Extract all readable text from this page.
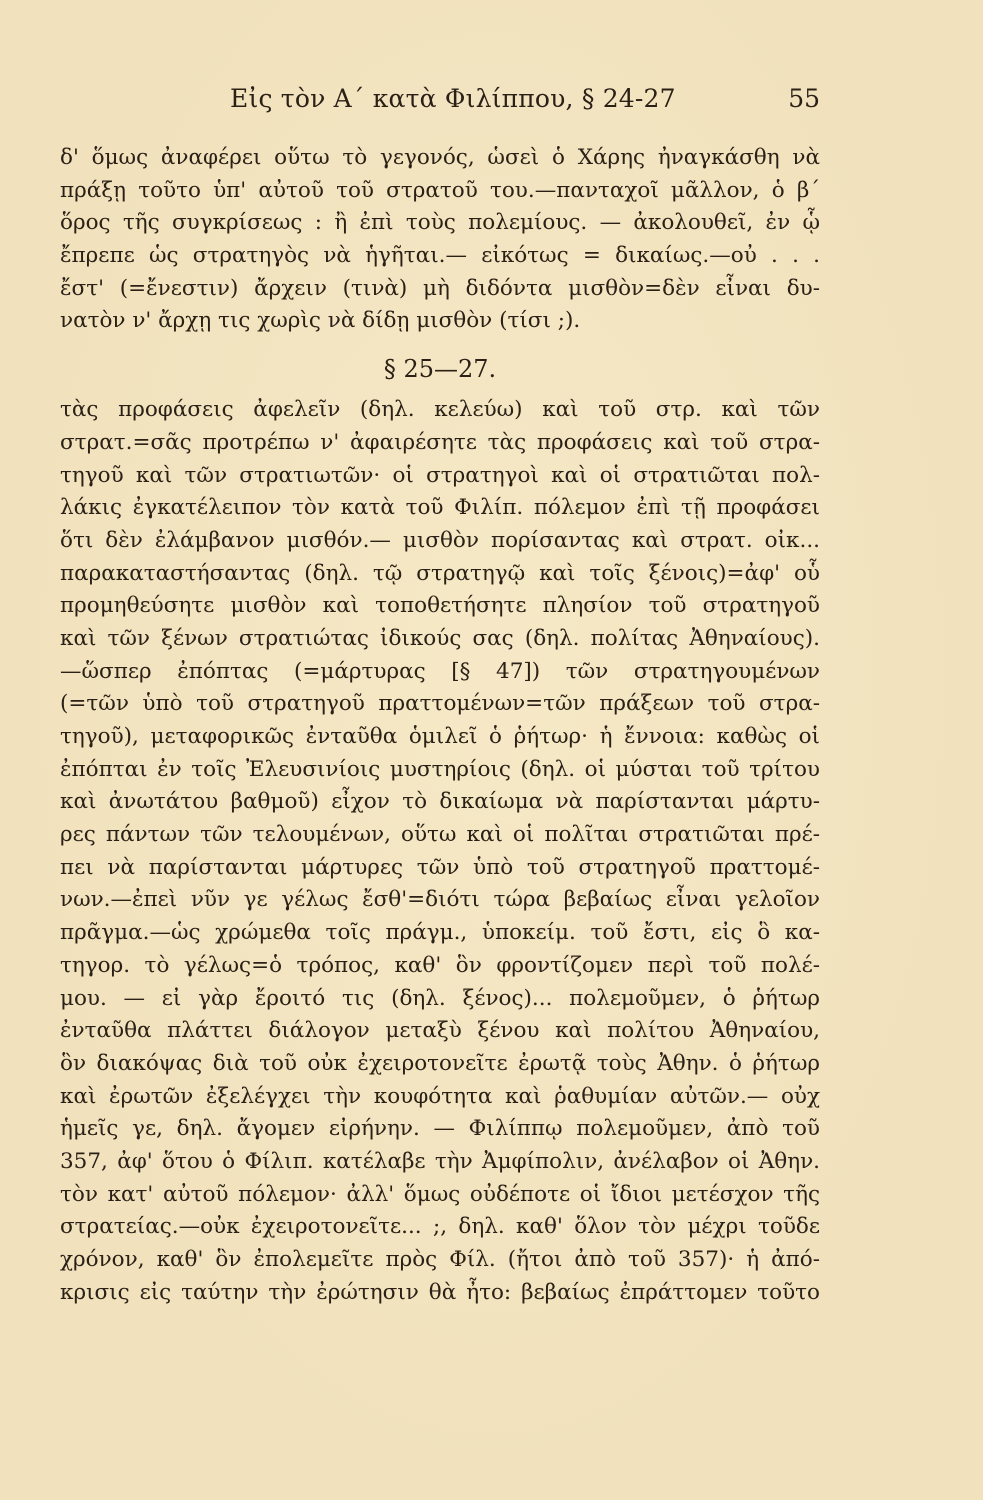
Εἰς τὸν Α΄ κατὰ Φιλίππου, § 24-27	55
δ' ὅμως ἀναφέρει οὕτω τὸ γεγονός, ὡσεὶ ὁ Χάρης ἠναγκάσθη νὰ
πράξῃ τοῦτο ὑπ' αὐτοῦ τοῦ στρατοῦ του.—πανταχοῖ μᾶλλον, ὁ β΄
ὅρος τῆς συγκρίσεως : ἢ ἐπὶ τοὺς πολεμίους. — ἀκολουθεῖ, ἐν ᾧ
ἔπρεπε ὡς στρατηγὸς νὰ ἡγῆται.— εἰκότως = δικαίως.—οὐ . . .
ἔστ' (=ἔνεστιν) ἄρχειν (τινὰ) μὴ διδόντα μισθὸν=δὲν εἶναι δυ-
νατὸν ν' ἄρχῃ τις χωρὶς νὰ δίδῃ μισθὸν (τίσι ;).
§ 25—27.
τὰς προφάσεις ἀφελεῖν (δηλ. κελεύω) καὶ τοῦ στρ. καὶ τῶν
στρατ.=σᾶς προτρέπω ν' ἀφαιρέσητε τὰς προφάσεις καὶ τοῦ στρα-
τηγοῦ καὶ τῶν στρατιωτῶν· οἱ στρατηγοὶ καὶ οἱ στρατιῶται πολ-
λάκις ἐγκατέλειπον τὸν κατὰ τοῦ Φιλίπ. πόλεμον ἐπὶ τῇ προφάσει
ὅτι δὲν ἐλάμβανον μισθόν.— μισθὸν πορίσαντας καὶ στρατ. οἰκ...
παρακαταστήσαντας (δηλ. τῷ στρατηγῷ καὶ τοῖς ξένοις)=ἀφ' οὗ
προμηθεύσητε μισθὸν καὶ τοποθετήσητε πλησίον τοῦ στρατηγοῦ
καὶ τῶν ξένων στρατιώτας ἰδικούς σας (δηλ. πολίτας Ἀθηναίους).
—ὥσπερ ἐπόπτας (=μάρτυρας [§ 47]) τῶν στρατηγουμένων
(=τῶν ὑπὸ τοῦ στρατηγοῦ πραττομένων=τῶν πράξεων τοῦ στρα-
τηγοῦ), μεταφορικῶς ἐνταῦθα ὁμιλεῖ ὁ ῥήτωρ· ἡ ἔννοια: καθὼς οἱ
ἐπόπται ἐν τοῖς Ἐλευσινίοις μυστηρίοις (δηλ. οἱ μύσται τοῦ τρίτου
καὶ ἀνωτάτου βαθμοῦ) εἶχον τὸ δικαίωμα νὰ παρίστανται μάρτυ-
ρες πάντων τῶν τελουμένων, οὕτω καὶ οἱ πολῖται στρατιῶται πρέ-
πει νὰ παρίστανται μάρτυρες τῶν ὑπὸ τοῦ στρατηγοῦ πραττομέ-
νων.—ἐπεὶ νῦν γε γέλως ἔσθ'=διότι τώρα βεβαίως εἶναι γελοῖον
πρᾶγμα.—ὡς χρώμεθα τοῖς πράγμ., ὑποκείμ. τοῦ ἔστι, εἰς ὃ κα-
τηγορ. τὸ γέλως=ὁ τρόπος, καθ' ὃν φροντίζομεν περὶ τοῦ πολέ-
μου. — εἰ γὰρ ἔροιτό τις (δηλ. ξένος)... πολεμοῦμεν, ὁ ῥήτωρ
ἐνταῦθα πλάττει διάλογον μεταξὺ ξένου καὶ πολίτου Ἀθηναίου,
ὃν διακόψας διὰ τοῦ οὐκ ἐχειροτονεῖτε ἐρωτᾷ τοὺς Ἀθην. ὁ ῥήτωρ
καὶ ἐρωτῶν ἐξελέγχει τὴν κουφότητα καὶ ῥαθυμίαν αὐτῶν.— οὐχ
ἡμεῖς γε, δηλ. ἄγομεν εἰρήνην. — Φιλίππῳ πολεμοῦμεν, ἀπὸ τοῦ
357, ἀφ' ὅτου ὁ Φίλιπ. κατέλαβε τὴν Ἀμφίπολιν, ἀνέλαβον οἱ Ἀθην.
τὸν κατ' αὐτοῦ πόλεμον· ἀλλ' ὅμως οὐδέποτε οἱ ἴδιοι μετέσχον τῆς
στρατείας.—οὐκ ἐχειροτονεῖτε... ;, δηλ. καθ' ὅλον τὸν μέχρι τοῦδε
χρόνον, καθ' ὃν ἐπολεμεῖτε πρὸς Φίλ. (ἤτοι ἀπὸ τοῦ 357)· ἡ ἀπό-
κρισις εἰς ταύτην τὴν ἐρώτησιν θὰ ἦτο: βεβαίως ἐπράττομεν τοῦτο
